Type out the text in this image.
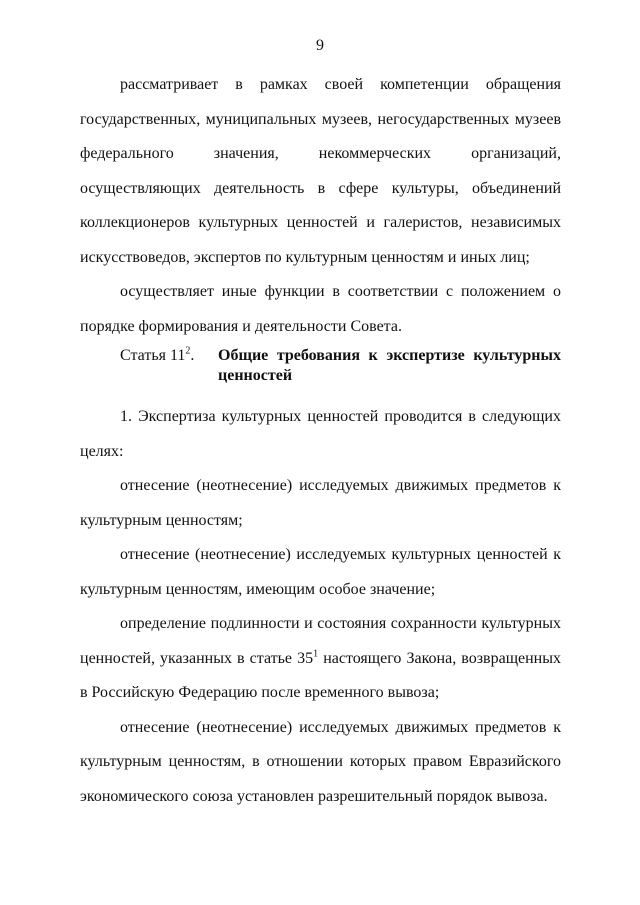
9

рассматривает в рамках своей компетенции обращения государственных, муниципальных музеев, негосударственных музеев федерального значения, некоммерческих организаций, осуществляющих деятельность в сфере культуры, объединений коллекционеров культурных ценностей и галеристов, независимых искусствоведов, экспертов по культурным ценностям и иных лиц;

осуществляет иные функции в соответствии с положением о порядке формирования и деятельности Совета.

Статья $11^2$.	Общие требования к экспертизе культурных ценностей

1. Экспертиза культурных ценностей проводится в следующих целях:

отнесение (неотнесение) исследуемых движимых предметов к культурным ценностям;

отнесение (неотнесение) исследуемых культурных ценностей к культурным ценностям, имеющим особое значение;

определение подлинности и состояния сохранности культурных ценностей, указанных в статье $35^1$ настоящего Закона, возвращенных в Российскую Федерацию после временного вывоза;

отнесение (неотнесение) исследуемых движимых предметов к культурным ценностям, в отношении которых правом Евразийского экономического союза установлен разрешительный порядок вывоза.
